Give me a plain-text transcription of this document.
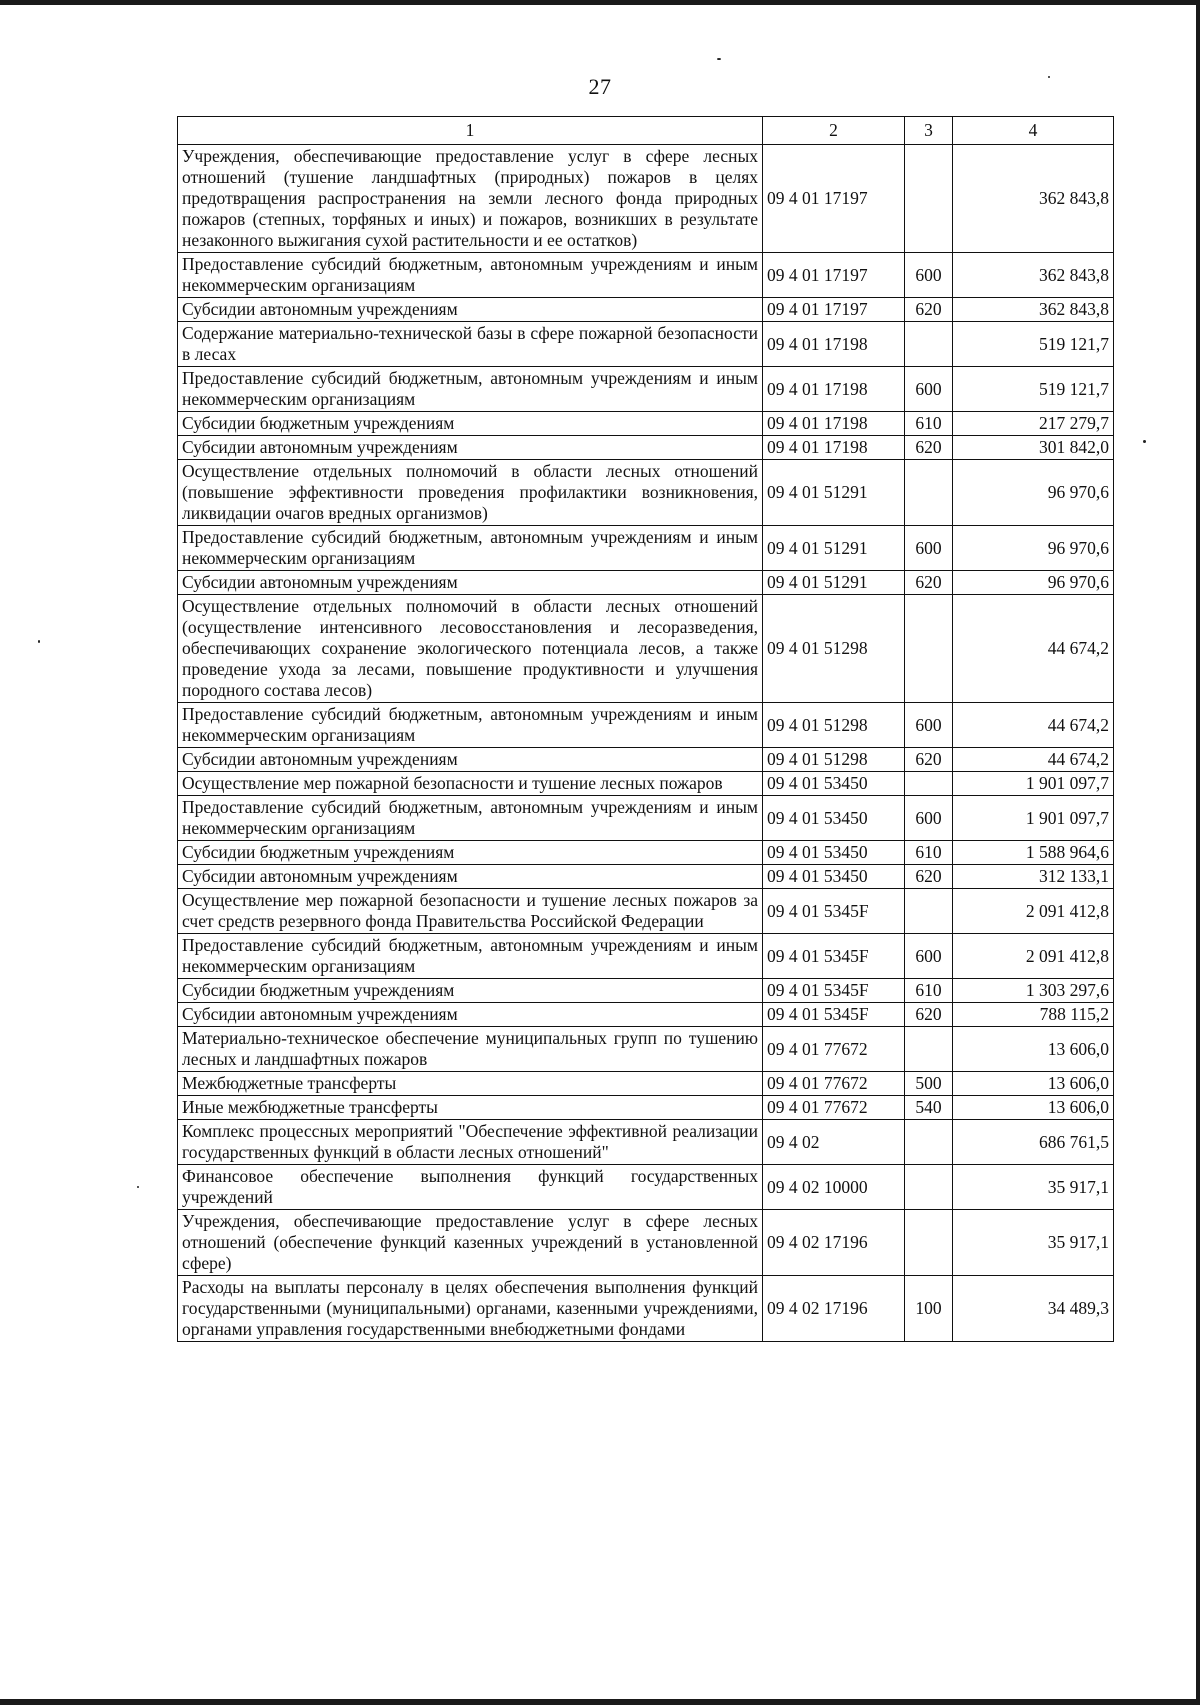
27
1	2	3	4
Учреждения, обеспечивающие предоставление услуг в сфере лесных отношений (тушение ландшафтных (природных) пожаров в целях предотвращения распространения на земли лесного фонда природных пожаров (степных, торфяных и иных) и пожаров, возникших в результате незаконного выжигания сухой растительности и ее остатков)	09 4 01 17197		362 843,8
Предоставление субсидий бюджетным, автономным учреждениям и иным некоммерческим организациям	09 4 01 17197	600	362 843,8
Субсидии автономным учреждениям	09 4 01 17197	620	362 843,8
Содержание материально-технической базы в сфере пожарной безопасности в лесах	09 4 01 17198		519 121,7
Предоставление субсидий бюджетным, автономным учреждениям и иным некоммерческим организациям	09 4 01 17198	600	519 121,7
Субсидии бюджетным учреждениям	09 4 01 17198	610	217 279,7
Субсидии автономным учреждениям	09 4 01 17198	620	301 842,0
Осуществление отдельных полномочий в области лесных отношений (повышение эффективности проведения профилактики возникновения, ликвидации очагов вредных организмов)	09 4 01 51291		96 970,6
Предоставление субсидий бюджетным, автономным учреждениям и иным некоммерческим организациям	09 4 01 51291	600	96 970,6
Субсидии автономным учреждениям	09 4 01 51291	620	96 970,6
Осуществление отдельных полномочий в области лесных отношений (осуществление интенсивного лесовосстановления и лесоразведения, обеспечивающих сохранение экологического потенциала лесов, а также проведение ухода за лесами, повышение продуктивности и улучшения породного состава лесов)	09 4 01 51298		44 674,2
Предоставление субсидий бюджетным, автономным учреждениям и иным некоммерческим организациям	09 4 01 51298	600	44 674,2
Субсидии автономным учреждениям	09 4 01 51298	620	44 674,2
Осуществление мер пожарной безопасности и тушение лесных пожаров	09 4 01 53450		1 901 097,7
Предоставление субсидий бюджетным, автономным учреждениям и иным некоммерческим организациям	09 4 01 53450	600	1 901 097,7
Субсидии бюджетным учреждениям	09 4 01 53450	610	1 588 964,6
Субсидии автономным учреждениям	09 4 01 53450	620	312 133,1
Осуществление мер пожарной безопасности и тушение лесных пожаров за счет средств резервного фонда Правительства Российской Федерации	09 4 01 5345F		2 091 412,8
Предоставление субсидий бюджетным, автономным учреждениям и иным некоммерческим организациям	09 4 01 5345F	600	2 091 412,8
Субсидии бюджетным учреждениям	09 4 01 5345F	610	1 303 297,6
Субсидии автономным учреждениям	09 4 01 5345F	620	788 115,2
Материально-техническое обеспечение муниципальных групп по тушению лесных и ландшафтных пожаров	09 4 01 77672		13 606,0
Межбюджетные трансферты	09 4 01 77672	500	13 606,0
Иные межбюджетные трансферты	09 4 01 77672	540	13 606,0
Комплекс процессных мероприятий "Обеспечение эффективной реализации государственных функций в области лесных отношений"	09 4 02		686 761,5
Финансовое обеспечение выполнения функций государственных учреждений	09 4 02 10000		35 917,1
Учреждения, обеспечивающие предоставление услуг в сфере лесных отношений (обеспечение функций казенных учреждений в установленной сфере)	09 4 02 17196		35 917,1
Расходы на выплаты персоналу в целях обеспечения выполнения функций государственными (муниципальными) органами, казенными учреждениями, органами управления государственными внебюджетными фондами	09 4 02 17196	100	34 489,3
